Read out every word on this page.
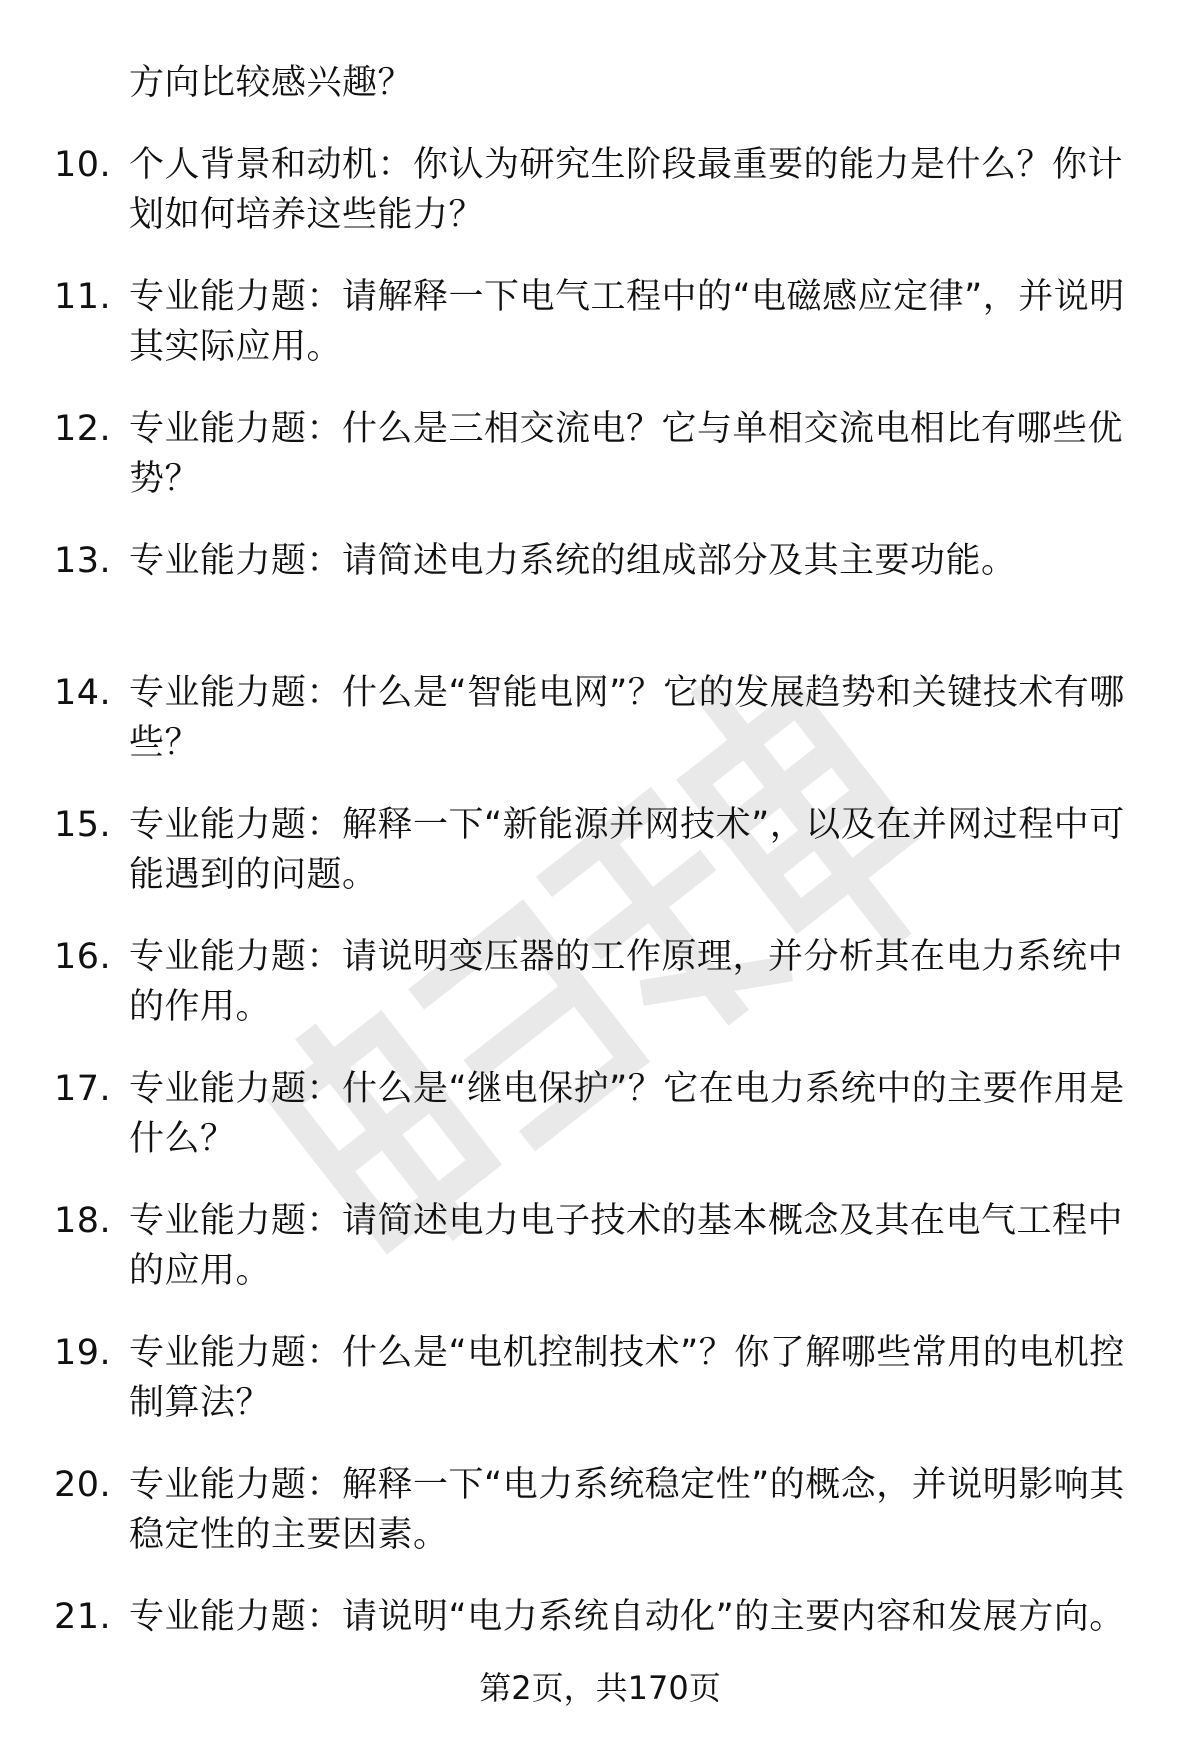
方向比较感兴趣？

10. 个人背景和动机：你认为研究生阶段最重要的能力是什么？你计划如何培养这些能力？

11. 专业能力题：请解释一下电气工程中的“电磁感应定律”，并说明其实际应用。

12. 专业能力题：什么是三相交流电？它与单相交流电相比有哪些优势？

13. 专业能力题：请简述电力系统的组成部分及其主要功能。

14. 专业能力题：什么是“智能电网”？它的发展趋势和关键技术有哪些？

15. 专业能力题：解释一下“新能源并网技术”，以及在并网过程中可能遇到的问题。

16. 专业能力题：请说明变压器的工作原理，并分析其在电力系统中的作用。

17. 专业能力题：什么是“继电保护”？它在电力系统中的主要作用是什么？

18. 专业能力题：请简述电力电子技术的基本概念及其在电气工程中的应用。

19. 专业能力题：什么是“电机控制技术”？你了解哪些常用的电机控制算法？

20. 专业能力题：解释一下“电力系统稳定性”的概念，并说明影响其稳定性的主要因素。

21. 专业能力题：请说明“电力系统自动化”的主要内容和发展方向。

第2页，共170页
